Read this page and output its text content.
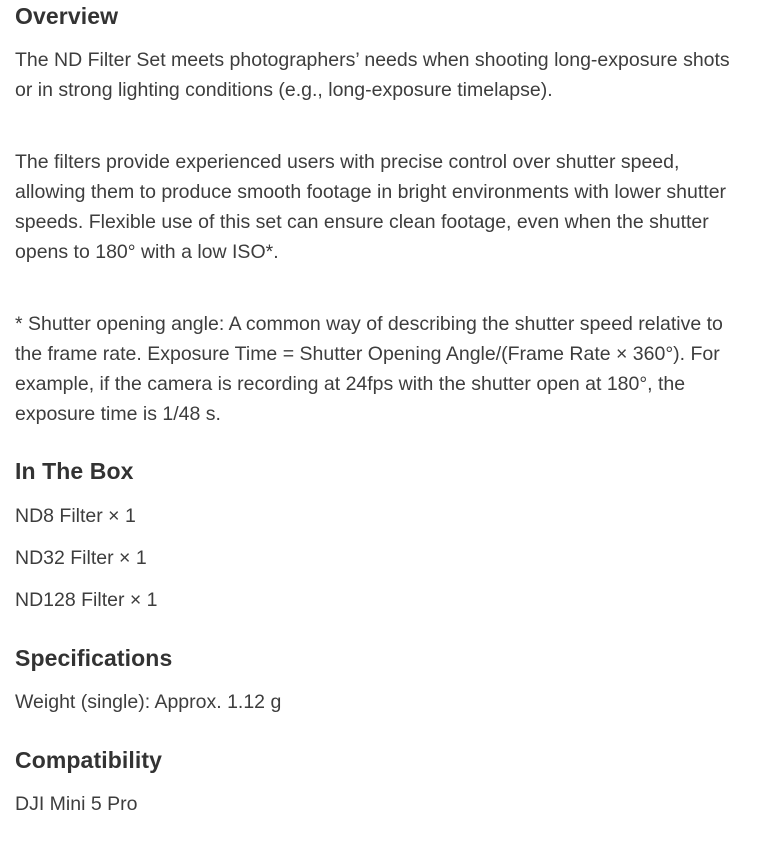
Overview

The ND Filter Set meets photographers’ needs when shooting long-exposure shots or in strong lighting conditions (e.g., long-exposure timelapse).

The filters provide experienced users with precise control over shutter speed, allowing them to produce smooth footage in bright environments with lower shutter speeds. Flexible use of this set can ensure clean footage, even when the shutter opens to 180° with a low ISO*.

* Shutter opening angle: A common way of describing the shutter speed relative to the frame rate. Exposure Time = Shutter Opening Angle/(Frame Rate × 360°). For example, if the camera is recording at 24fps with the shutter open at 180°, the exposure time is 1/48 s.

In The Box

ND8 Filter × 1

ND32 Filter × 1

ND128 Filter × 1

Specifications

Weight (single): Approx. 1.12 g

Compatibility

DJI Mini 5 Pro
